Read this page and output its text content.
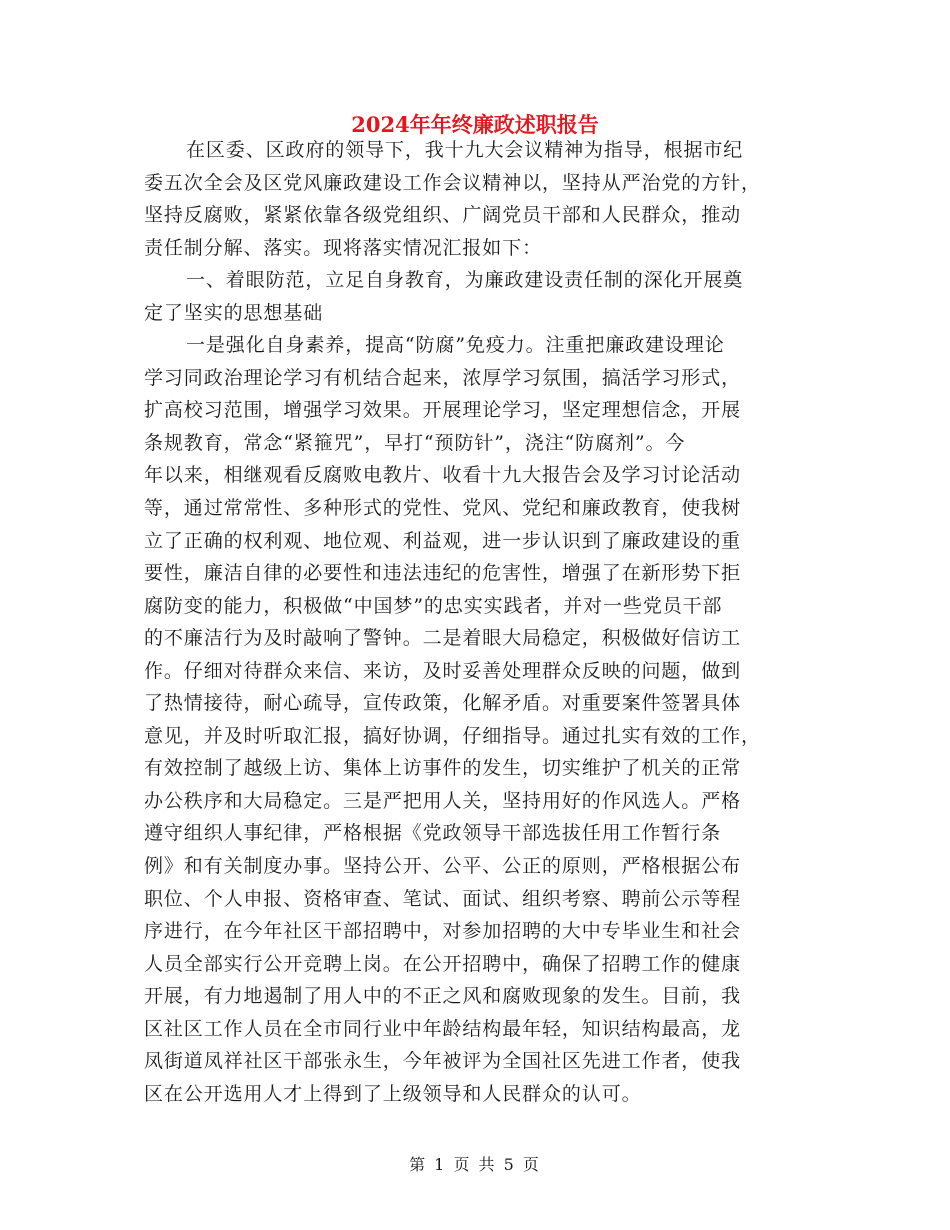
2024年年终廉政述职报告
在区委、区政府的领导下，我十九大会议精神为指导，根据市纪
委五次全会及区党风廉政建设工作会议精神以，坚持从严治党的方针，
坚持反腐败，紧紧依靠各级党组织、广阔党员干部和人民群众，推动
责任制分解、落实。现将落实情况汇报如下：
一、着眼防范，立足自身教育，为廉政建设责任制的深化开展奠
定了坚实的思想基础
一是强化自身素养，提高“防腐”免疫力。注重把廉政建设理论
学习同政治理论学习有机结合起来，浓厚学习氛围，搞活学习形式，
扩高校习范围，增强学习效果。开展理论学习，坚定理想信念，开展
条规教育，常念“紧箍咒”，早打“预防针”，浇注“防腐剂”。今
年以来，相继观看反腐败电教片、收看十九大报告会及学习讨论活动
等，通过常常性、多种形式的党性、党风、党纪和廉政教育，使我树
立了正确的权利观、地位观、利益观，进一步认识到了廉政建设的重
要性，廉洁自律的必要性和违法违纪的危害性，增强了在新形势下拒
腐防变的能力，积极做“中国梦”的忠实实践者，并对一些党员干部
的不廉洁行为及时敲响了警钟。二是着眼大局稳定，积极做好信访工
作。仔细对待群众来信、来访，及时妥善处理群众反映的问题，做到
了热情接待，耐心疏导，宣传政策，化解矛盾。对重要案件签署具体
意见，并及时听取汇报，搞好协调，仔细指导。通过扎实有效的工作，
有效控制了越级上访、集体上访事件的发生，切实维护了机关的正常
办公秩序和大局稳定。三是严把用人关，坚持用好的作风选人。严格
遵守组织人事纪律，严格根据《党政领导干部选拔任用工作暂行条
例》和有关制度办事。坚持公开、公平、公正的原则，严格根据公布
职位、个人申报、资格审查、笔试、面试、组织考察、聘前公示等程
序进行，在今年社区干部招聘中，对参加招聘的大中专毕业生和社会
人员全部实行公开竞聘上岗。在公开招聘中，确保了招聘工作的健康
开展，有力地遏制了用人中的不正之风和腐败现象的发生。目前，我
区社区工作人员在全市同行业中年龄结构最年轻，知识结构最高，龙
凤街道凤祥社区干部张永生，今年被评为全国社区先进工作者，使我
区在公开选用人才上得到了上级领导和人民群众的认可。
第 1 页 共 5 页
